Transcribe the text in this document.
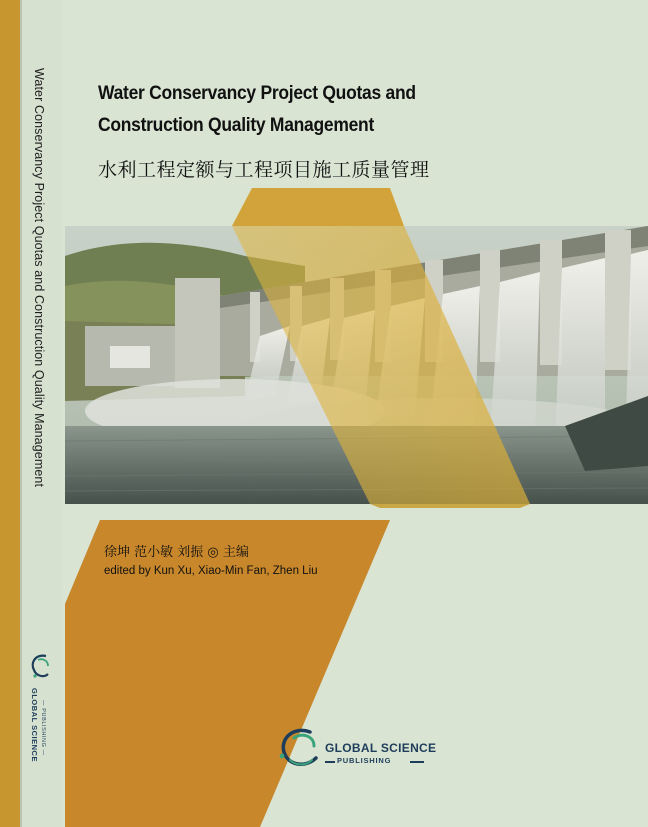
Water Conservancy Project Quotas and Construction Quality Management
GLOBAL SCIENCE — PUBLISHING —
Water Conservancy Project Quotas and
Construction Quality Management
水利工程定额与工程项目施工质量管理
徐坤 范小敏 刘振 ◎ 主编
edited by Kun Xu, Xiao-Min Fan, Zhen Liu
GLOBAL SCIENCE
PUBLISHING
